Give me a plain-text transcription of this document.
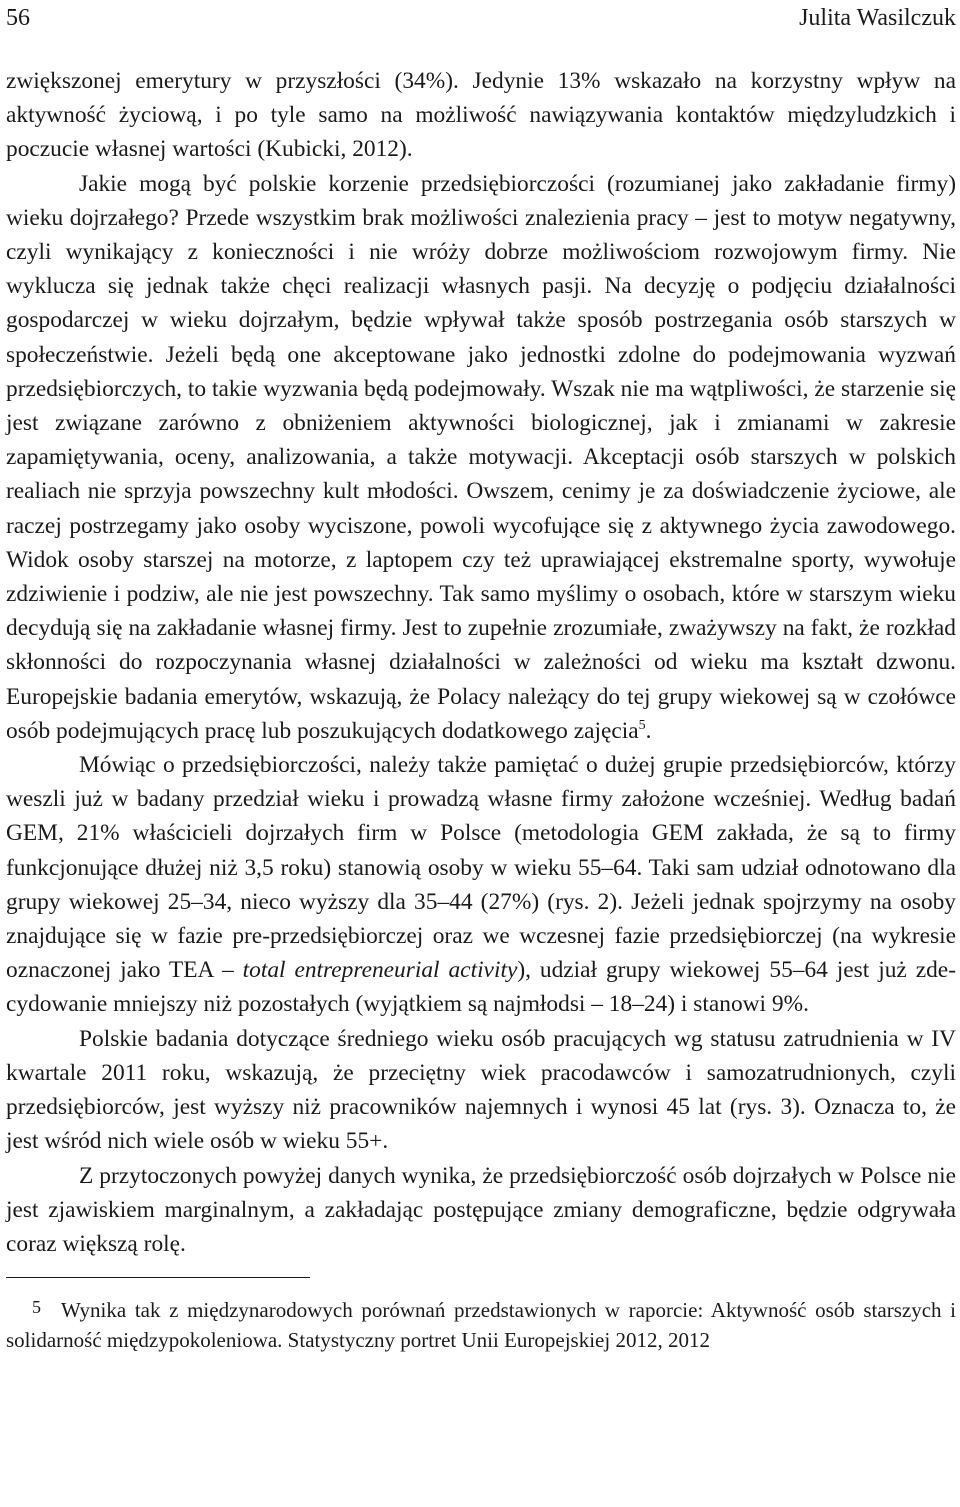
56	Julita Wasilczuk

zwiększonej emerytury w przyszłości (34%). Jedynie 13% wskazało na korzystny wpływ na aktywność życiową, i po tyle samo na możliwość nawiązywania kontaktów międzyludzkich i poczucie własnej wartości (Kubicki, 2012).

Jakie mogą być polskie korzenie przedsiębiorczości (rozumianej jako zakładanie firmy) wieku dojrzałego? Przede wszystkim brak możliwości znalezienia pracy – jest to motyw negatywny, czyli wynikający z konieczności i nie wróży dobrze możliwościom rozwojowym firmy. Nie wyklucza się jednak także chęci realizacji własnych pasji. Na decyzję o podjęciu działalności gospodarczej w wieku dojrzałym, będzie wpływał także sposób postrzegania osób starszych w społeczeństwie. Jeżeli będą one akceptowane jako jednostki zdolne do podejmowania wyzwań przedsiębiorczych, to takie wyzwania będą podejmowały. Wszak nie ma wątpliwości, że starzenie się jest związane zarówno z obniżeniem aktywności biologicznej, jak i zmianami w zakresie zapamiętywania, oceny, analizowania, a także motywacji. Akceptacji osób starszych w polskich realiach nie sprzyja powszechny kult młodości. Owszem, cenimy je za doświadczenie życiowe, ale raczej postrzegamy jako osoby wyciszone, powoli wycofujące się z aktywnego życia zawodowego. Widok osoby starszej na motorze, z laptopem czy też uprawiającej ekstremalne sporty, wywołuje zdziwienie i podziw, ale nie jest powszechny. Tak samo myślimy o osobach, które w starszym wieku decydują się na zakładanie własnej firmy. Jest to zupełnie zrozumiałe, zważywszy na fakt, że rozkład skłonności do rozpoczynania własnej działalności w zależności od wieku ma kształt dzwonu. Europejskie badania emerytów, wskazują, że Polacy należący do tej grupy wiekowej są w czołówce osób podejmujących pracę lub poszukujących dodatkowego zajęcia$^5$.

Mówiąc o przedsiębiorczości, należy także pamiętać o dużej grupie przedsiębiorców, którzy weszli już w badany przedział wieku i prowadzą własne firmy założone wcześniej. Według badań GEM, 21% właścicieli dojrzałych firm w Polsce (metodologia GEM zakłada, że są to firmy funkcjonujące dłużej niż 3,5 roku) stanowią osoby w wieku 55–64. Taki sam udział odnotowano dla grupy wiekowej 25–34, nieco wyższy dla 35–44 (27%) (rys. 2). Jeżeli jednak spojrzymy na osoby znajdujące się w fazie pre-przedsiębiorczej oraz we wczesnej fazie przedsiębiorczej (na wykresie oznaczonej jako TEA – total entrepreneurial activity), udział grupy wiekowej 55–64 jest już zdecydowanie mniejszy niż pozostałych (wyjątkiem są najmłodsi – 18–24) i stanowi 9%.

Polskie badania dotyczące średniego wieku osób pracujących wg statusu zatrudnienia w IV kwartale 2011 roku, wskazują, że przeciętny wiek pracodawców i samozatrudnionych, czyli przedsiębiorców, jest wyższy niż pracowników najemnych i wynosi 45 lat (rys. 3). Oznacza to, że jest wśród nich wiele osób w wieku 55+.

Z przytoczonych powyżej danych wynika, że przedsiębiorczość osób dojrzałych w Polsce nie jest zjawiskiem marginalnym, a zakładając postępujące zmiany demograficzne, będzie odgrywała coraz większą rolę.

5 Wynika tak z międzynarodowych porównań przedstawionych w raporcie: Aktywność osób starszych i solidarność międzypokoleniowa. Statystyczny portret Unii Europejskiej 2012, 2012
